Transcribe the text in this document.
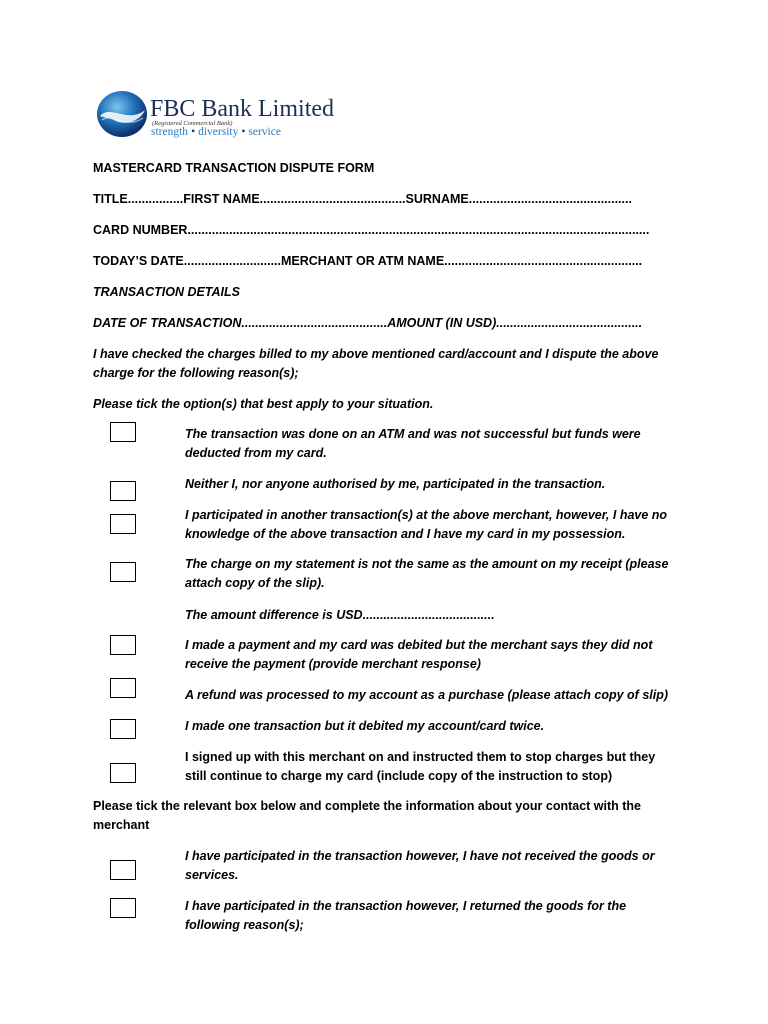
FBC Bank Limited
(Registered Commercial Bank)
strength • diversity • service
MASTERCARD TRANSACTION DISPUTE FORM
TITLE................FIRST NAME..........................................SURNAME...............................................
CARD NUMBER.....................................................................................................................................
TODAY’S DATE............................MERCHANT OR ATM NAME.........................................................
TRANSACTION DETAILS
DATE OF TRANSACTION..........................................AMOUNT (IN USD)..........................................
I have checked the charges billed to my above mentioned card/account and I dispute the above charge for the following reason(s);
Please tick the option(s) that best apply to your situation.
The transaction was done on an ATM and was not successful but funds were deducted from my card.
Neither I, nor anyone authorised by me, participated in the transaction.
I participated in another transaction(s) at the above merchant, however, I have no knowledge of the above transaction and I have my card in my possession.
The charge on my statement is not the same as the amount on my receipt (please attach copy of the slip).
The amount difference is USD......................................
I made a payment and my card was debited but the merchant says they did not receive the payment (provide merchant response)
A refund was processed to my account as a purchase (please attach copy of slip)
I made one transaction but it debited my account/card twice.
I signed up with this merchant on and instructed them to stop charges but they still continue to charge my card (include copy of the instruction to stop)
Please tick the relevant box below and complete the information about your contact with the merchant
I have participated in the transaction however, I have not received the goods or services.
I have participated in the transaction however, I returned the goods for the following reason(s);
